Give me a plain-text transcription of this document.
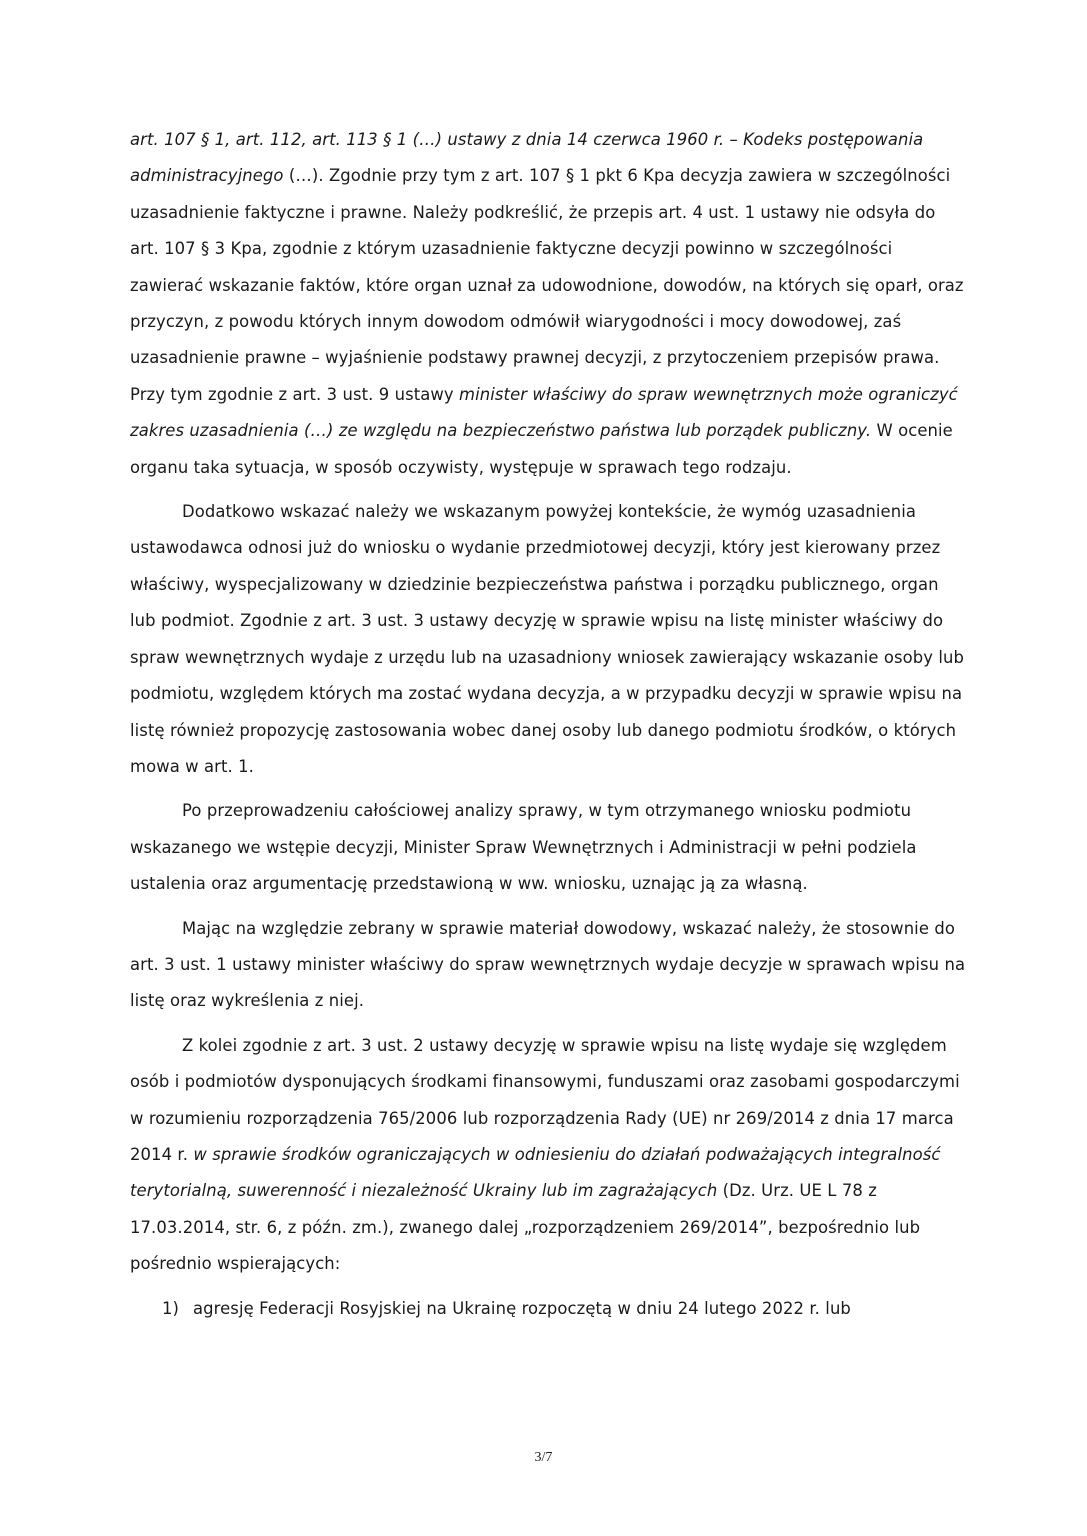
art. 107 § 1, art. 112, art. 113 § 1 (…) ustawy z dnia 14 czerwca 1960 r. – Kodeks postępowania administracyjnego (…). Zgodnie przy tym z art. 107 § 1 pkt 6 Kpa decyzja zawiera w szczególności uzasadnienie faktyczne i prawne. Należy podkreślić, że przepis art. 4 ust. 1 ustawy nie odsyła do art. 107 § 3 Kpa, zgodnie z którym uzasadnienie faktyczne decyzji powinno w szczególności zawierać wskazanie faktów, które organ uznał za udowodnione, dowodów, na których się oparł, oraz przyczyn, z powodu których innym dowodom odmówił wiarygodności i mocy dowodowej, zaś uzasadnienie prawne – wyjaśnienie podstawy prawnej decyzji, z przytoczeniem przepisów prawa. Przy tym zgodnie z art. 3 ust. 9 ustawy minister właściwy do spraw wewnętrznych może ograniczyć zakres uzasadnienia (…) ze względu na bezpieczeństwo państwa lub porządek publiczny. W ocenie organu taka sytuacja, w sposób oczywisty, występuje w sprawach tego rodzaju.

Dodatkowo wskazać należy we wskazanym powyżej kontekście, że wymóg uzasadnienia ustawodawca odnosi już do wniosku o wydanie przedmiotowej decyzji, który jest kierowany przez właściwy, wyspecjalizowany w dziedzinie bezpieczeństwa państwa i porządku publicznego, organ lub podmiot. Zgodnie z art. 3 ust. 3 ustawy decyzję w sprawie wpisu na listę minister właściwy do spraw wewnętrznych wydaje z urzędu lub na uzasadniony wniosek zawierający wskazanie osoby lub podmiotu, względem których ma zostać wydana decyzja, a w przypadku decyzji w sprawie wpisu na listę również propozycję zastosowania wobec danej osoby lub danego podmiotu środków, o których mowa w art. 1.

Po przeprowadzeniu całościowej analizy sprawy, w tym otrzymanego wniosku podmiotu wskazanego we wstępie decyzji, Minister Spraw Wewnętrznych i Administracji w pełni podziela ustalenia oraz argumentację przedstawioną w ww. wniosku, uznając ją za własną.

Mając na względzie zebrany w sprawie materiał dowodowy, wskazać należy, że stosownie do art. 3 ust. 1 ustawy minister właściwy do spraw wewnętrznych wydaje decyzje w sprawach wpisu na listę oraz wykreślenia z niej.

Z kolei zgodnie z art. 3 ust. 2 ustawy decyzję w sprawie wpisu na listę wydaje się względem osób i podmiotów dysponujących środkami finansowymi, funduszami oraz zasobami gospodarczymi w rozumieniu rozporządzenia 765/2006 lub rozporządzenia Rady (UE) nr 269/2014 z dnia 17 marca 2014 r. w sprawie środków ograniczających w odniesieniu do działań podważających integralność terytorialną, suwerenność i niezależność Ukrainy lub im zagrażających (Dz. Urz. UE L 78 z 17.03.2014, str. 6, z późn. zm.), zwanego dalej „rozporządzeniem 269/2014”, bezpośrednio lub pośrednio wspierających:

1) agresję Federacji Rosyjskiej na Ukrainę rozpoczętą w dniu 24 lutego 2022 r. lub
3/7
